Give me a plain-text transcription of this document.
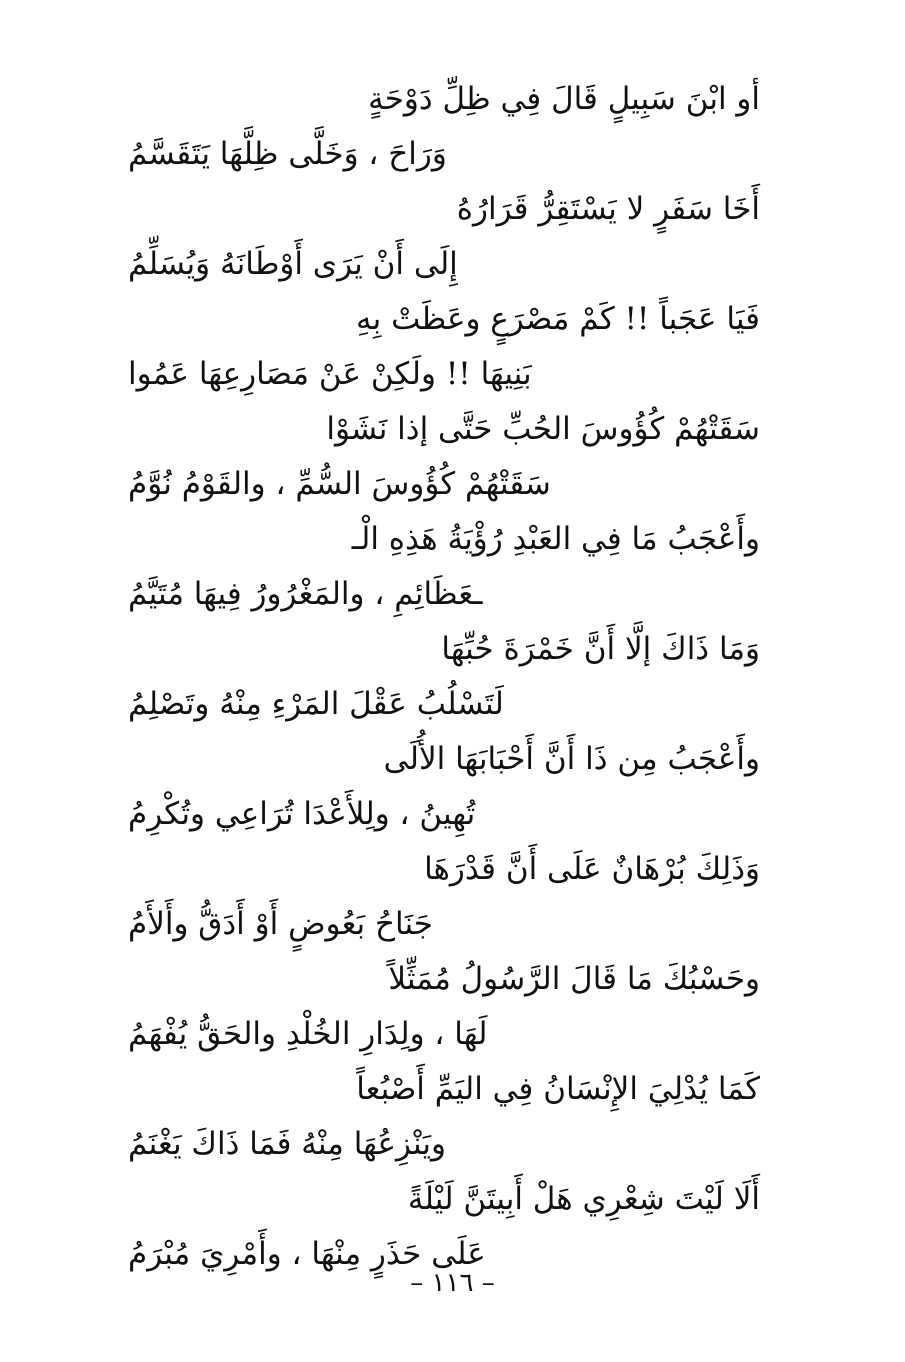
أو ابْنَ سَبِيلٍ قَالَ فِي ظِلِّ دَوْحَةٍ
وَرَاحَ ، وَخَلَّى ظِلَّهَا يَتَقَسَّمُ
أَخَا سَفَرٍ لا يَسْتَقِرُّ قَرَارُهُ
إِلَى أَنْ يَرَى أَوْطَانَهُ وَيُسَلِّمُ
فَيَا عَجَباً !! كَمْ مَصْرَعٍ وعَظَتْ بِهِ
بَنِيهَا !! ولَكِنْ عَنْ مَصَارِعِهَا عَمُوا
سَقَتْهُمْ كُؤُوسَ الحُبِّ حَتَّى إذا نَشَوْا
سَقَتْهُمْ كُؤُوسَ السُّمِّ ، والقَوْمُ نُوَّمُ
وأَعْجَبُ مَا فِي العَبْدِ رُؤْيَةُ هَذِهِ الْـ
ـعَظَائِمِ ، والمَغْرُورُ فِيهَا مُتَيَّمُ
وَمَا ذَاكَ إلَّا أَنَّ خَمْرَةَ حُبِّهَا
لَتَسْلُبُ عَقْلَ المَرْءِ مِنْهُ وتَصْلِمُ
وأَعْجَبُ مِن ذَا أَنَّ أَحْبَابَهَا الأُلَى
تُهِينُ ، ولِلأَعْدَا تُرَاعِي وتُكْرِمُ
وَذَلِكَ بُرْهَانٌ عَلَى أَنَّ قَدْرَهَا
جَنَاحُ بَعُوضٍ أَوْ أَدَقُّ وأَلأَمُ
وحَسْبُكَ مَا قَالَ الرَّسُولُ مُمَثِّلاً
لَهَا ، ولِدَارِ الخُلْدِ والحَقُّ يُفْهَمُ
كَمَا يُدْلِيَ الإِنْسَانُ فِي اليَمِّ أَصْبُعاً
ويَنْزِعُهَا مِنْهُ فَمَا ذَاكَ يَغْنَمُ
أَلَا لَيْتَ شِعْرِي هَلْ أَبِيتَنَّ لَيْلَةً
عَلَى حَذَرٍ مِنْهَا ، وأَمْرِيَ مُبْرَمُ
– ١١٦ –
